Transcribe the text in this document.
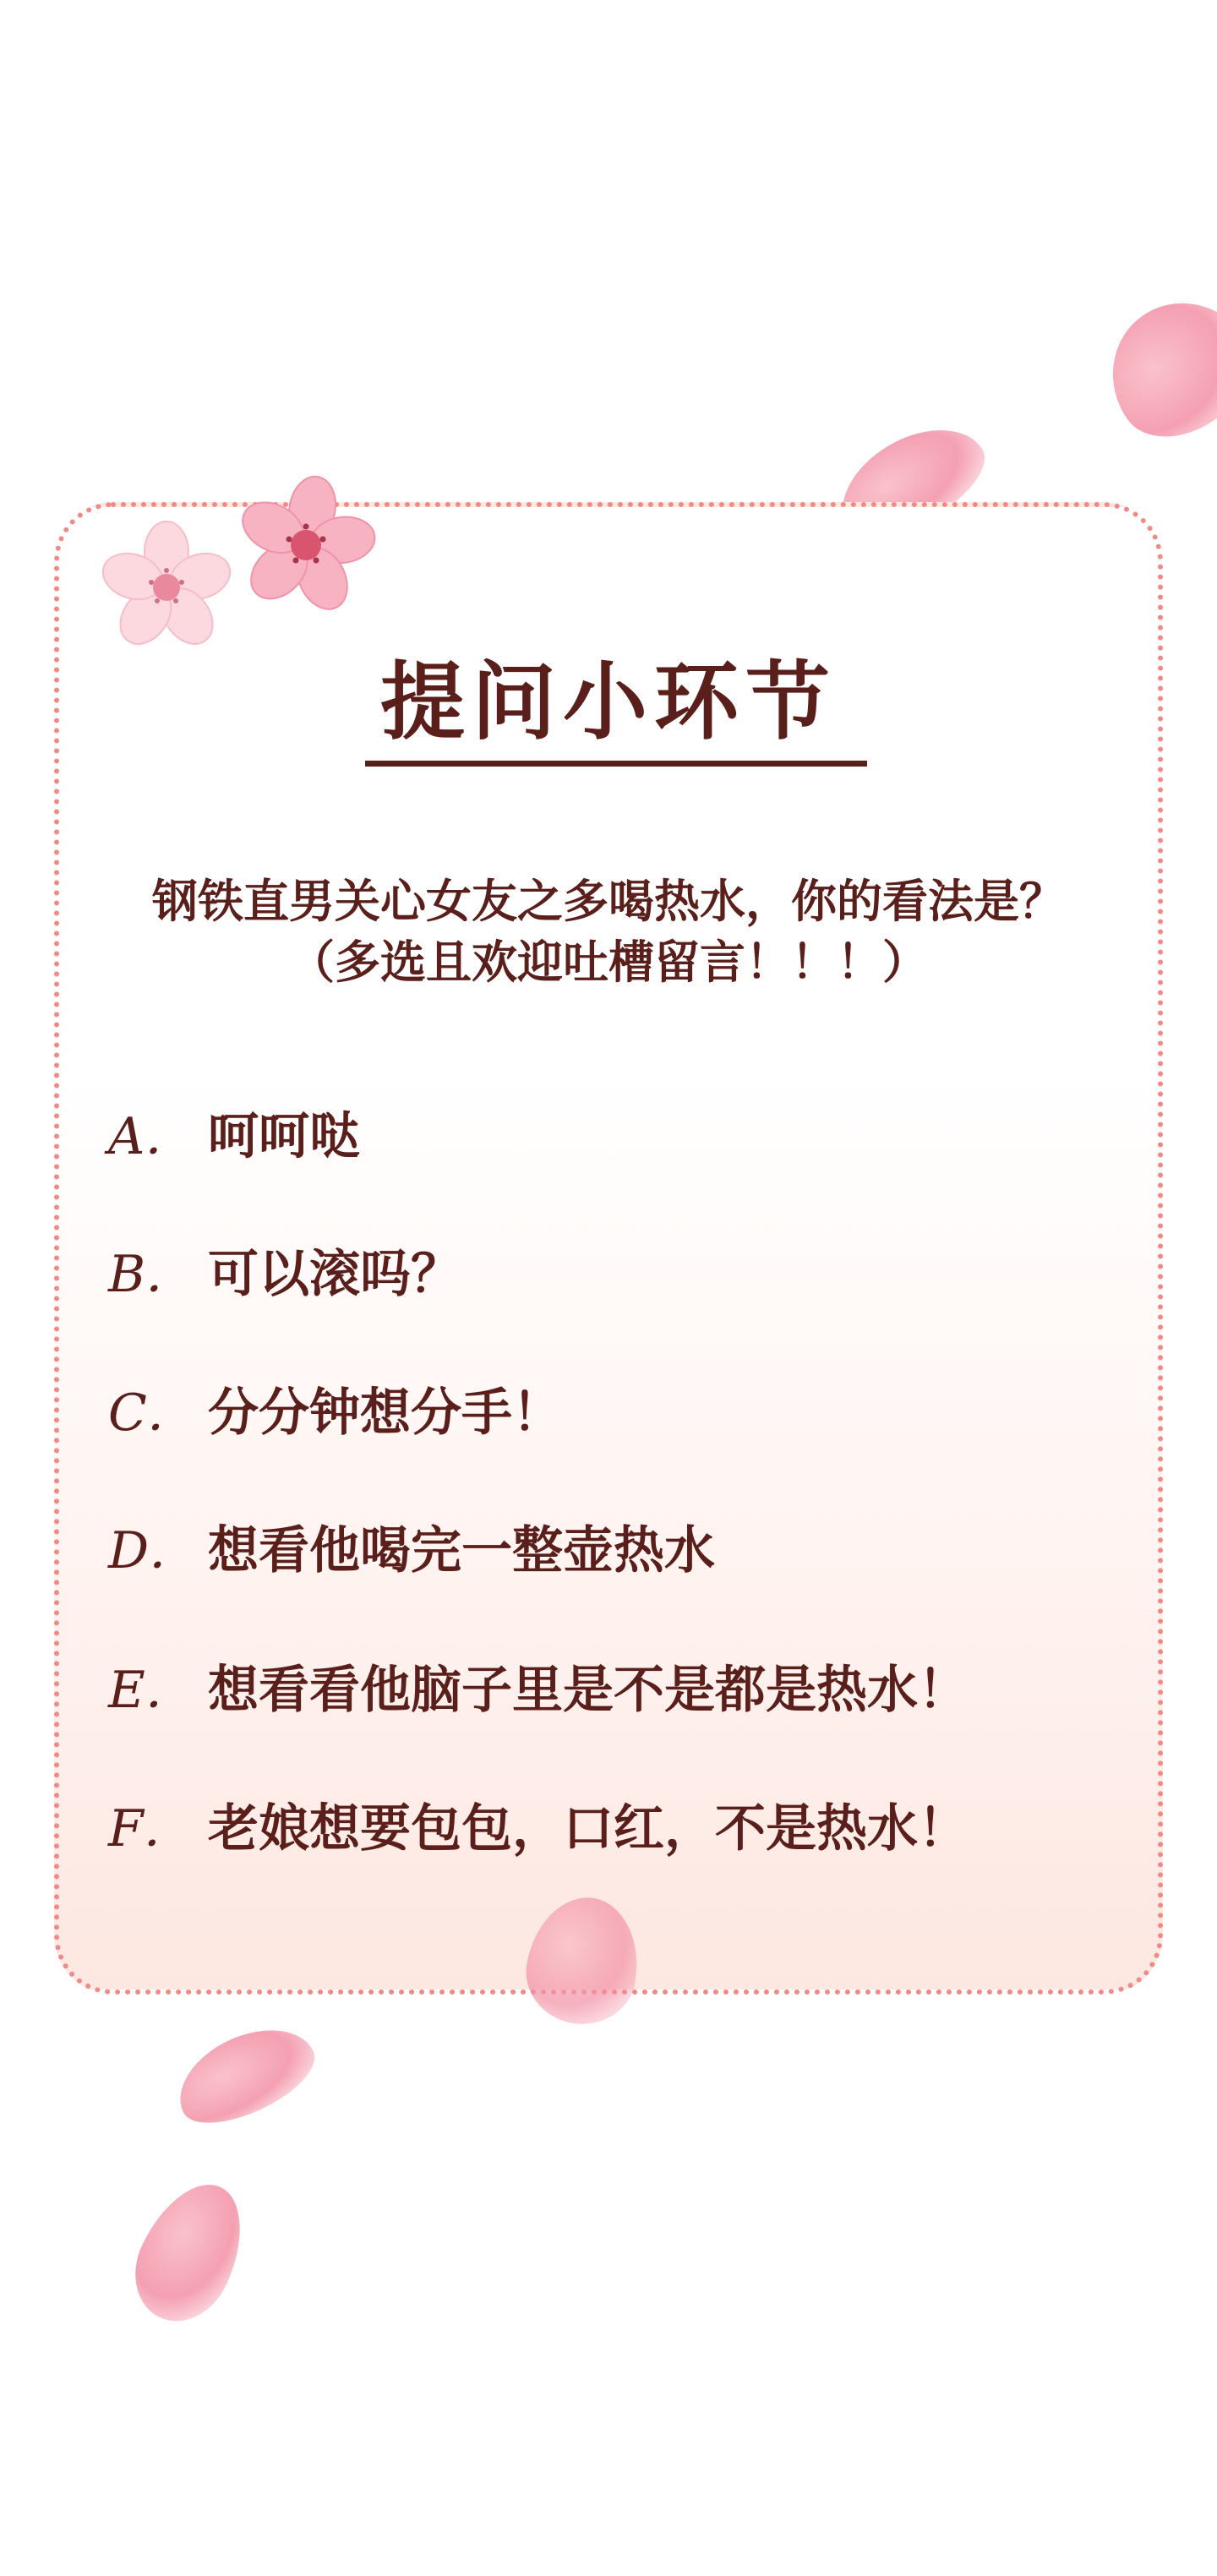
提问小环节
钢铁直男关心女友之多喝热水，你的看法是？
（多选且欢迎吐槽留言！！！）
A． 呵呵哒
B． 可以滚吗？
C． 分分钟想分手！
D． 想看他喝完一整壶热水
E． 想看看他脑子里是不是都是热水！
F． 老娘想要包包，口红，不是热水！
